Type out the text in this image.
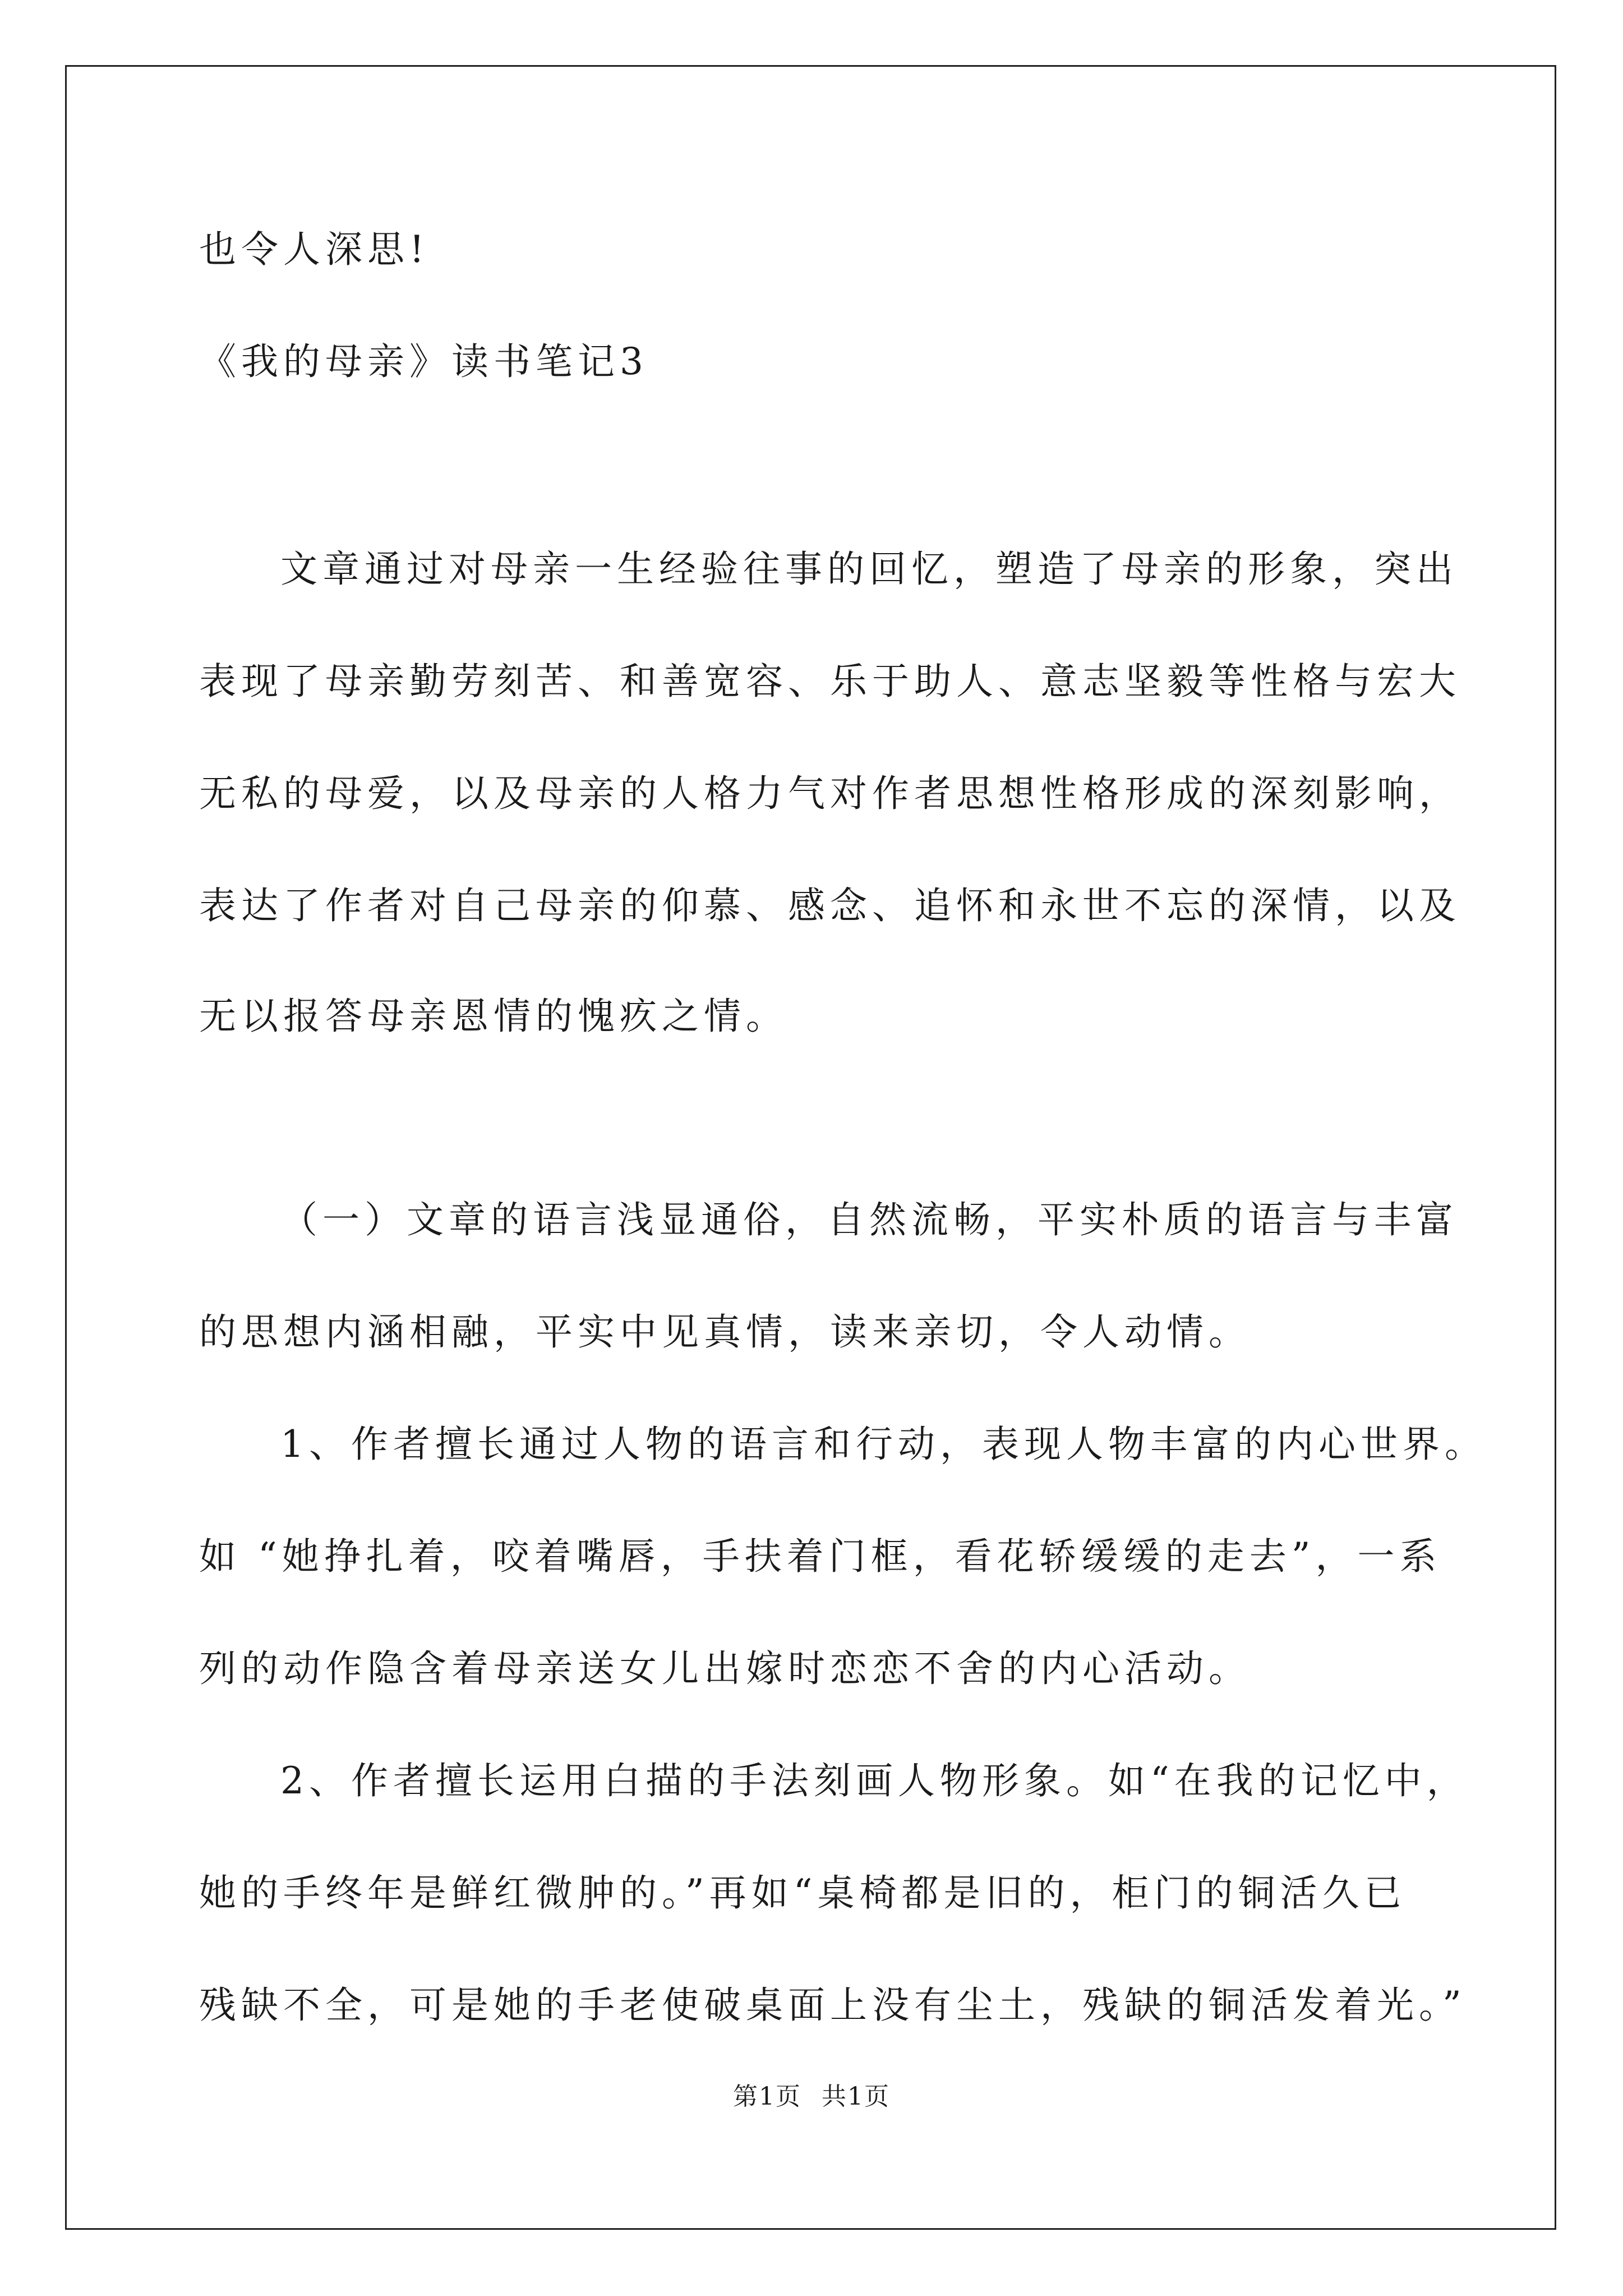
也令人深思!
《我的母亲》读书笔记3
文章通过对母亲一生经验往事的回忆，塑造了母亲的形象，突出
表现了母亲勤劳刻苦、和善宽容、乐于助人、意志坚毅等性格与宏大
无私的母爱，以及母亲的人格力气对作者思想性格形成的深刻影响，
表达了作者对自己母亲的仰慕、感念、追怀和永世不忘的深情，以及
无以报答母亲恩情的愧疚之情。
（一）文章的语言浅显通俗，自然流畅，平实朴质的语言与丰富
的思想内涵相融，平实中见真情，读来亲切，令人动情。
1、作者擅长通过人物的语言和行动，表现人物丰富的内心世界。
如 “她挣扎着，咬着嘴唇，手扶着门框，看花轿缓缓的走去”，一系
列的动作隐含着母亲送女儿出嫁时恋恋不舍的内心活动。
2、作者擅长运用白描的手法刻画人物形象。如“在我的记忆中，
她的手终年是鲜红微肿的。”再如“桌椅都是旧的，柜门的铜活久已
残缺不全，可是她的手老使破桌面上没有尘土，残缺的铜活发着光。”
第1页 共1页
